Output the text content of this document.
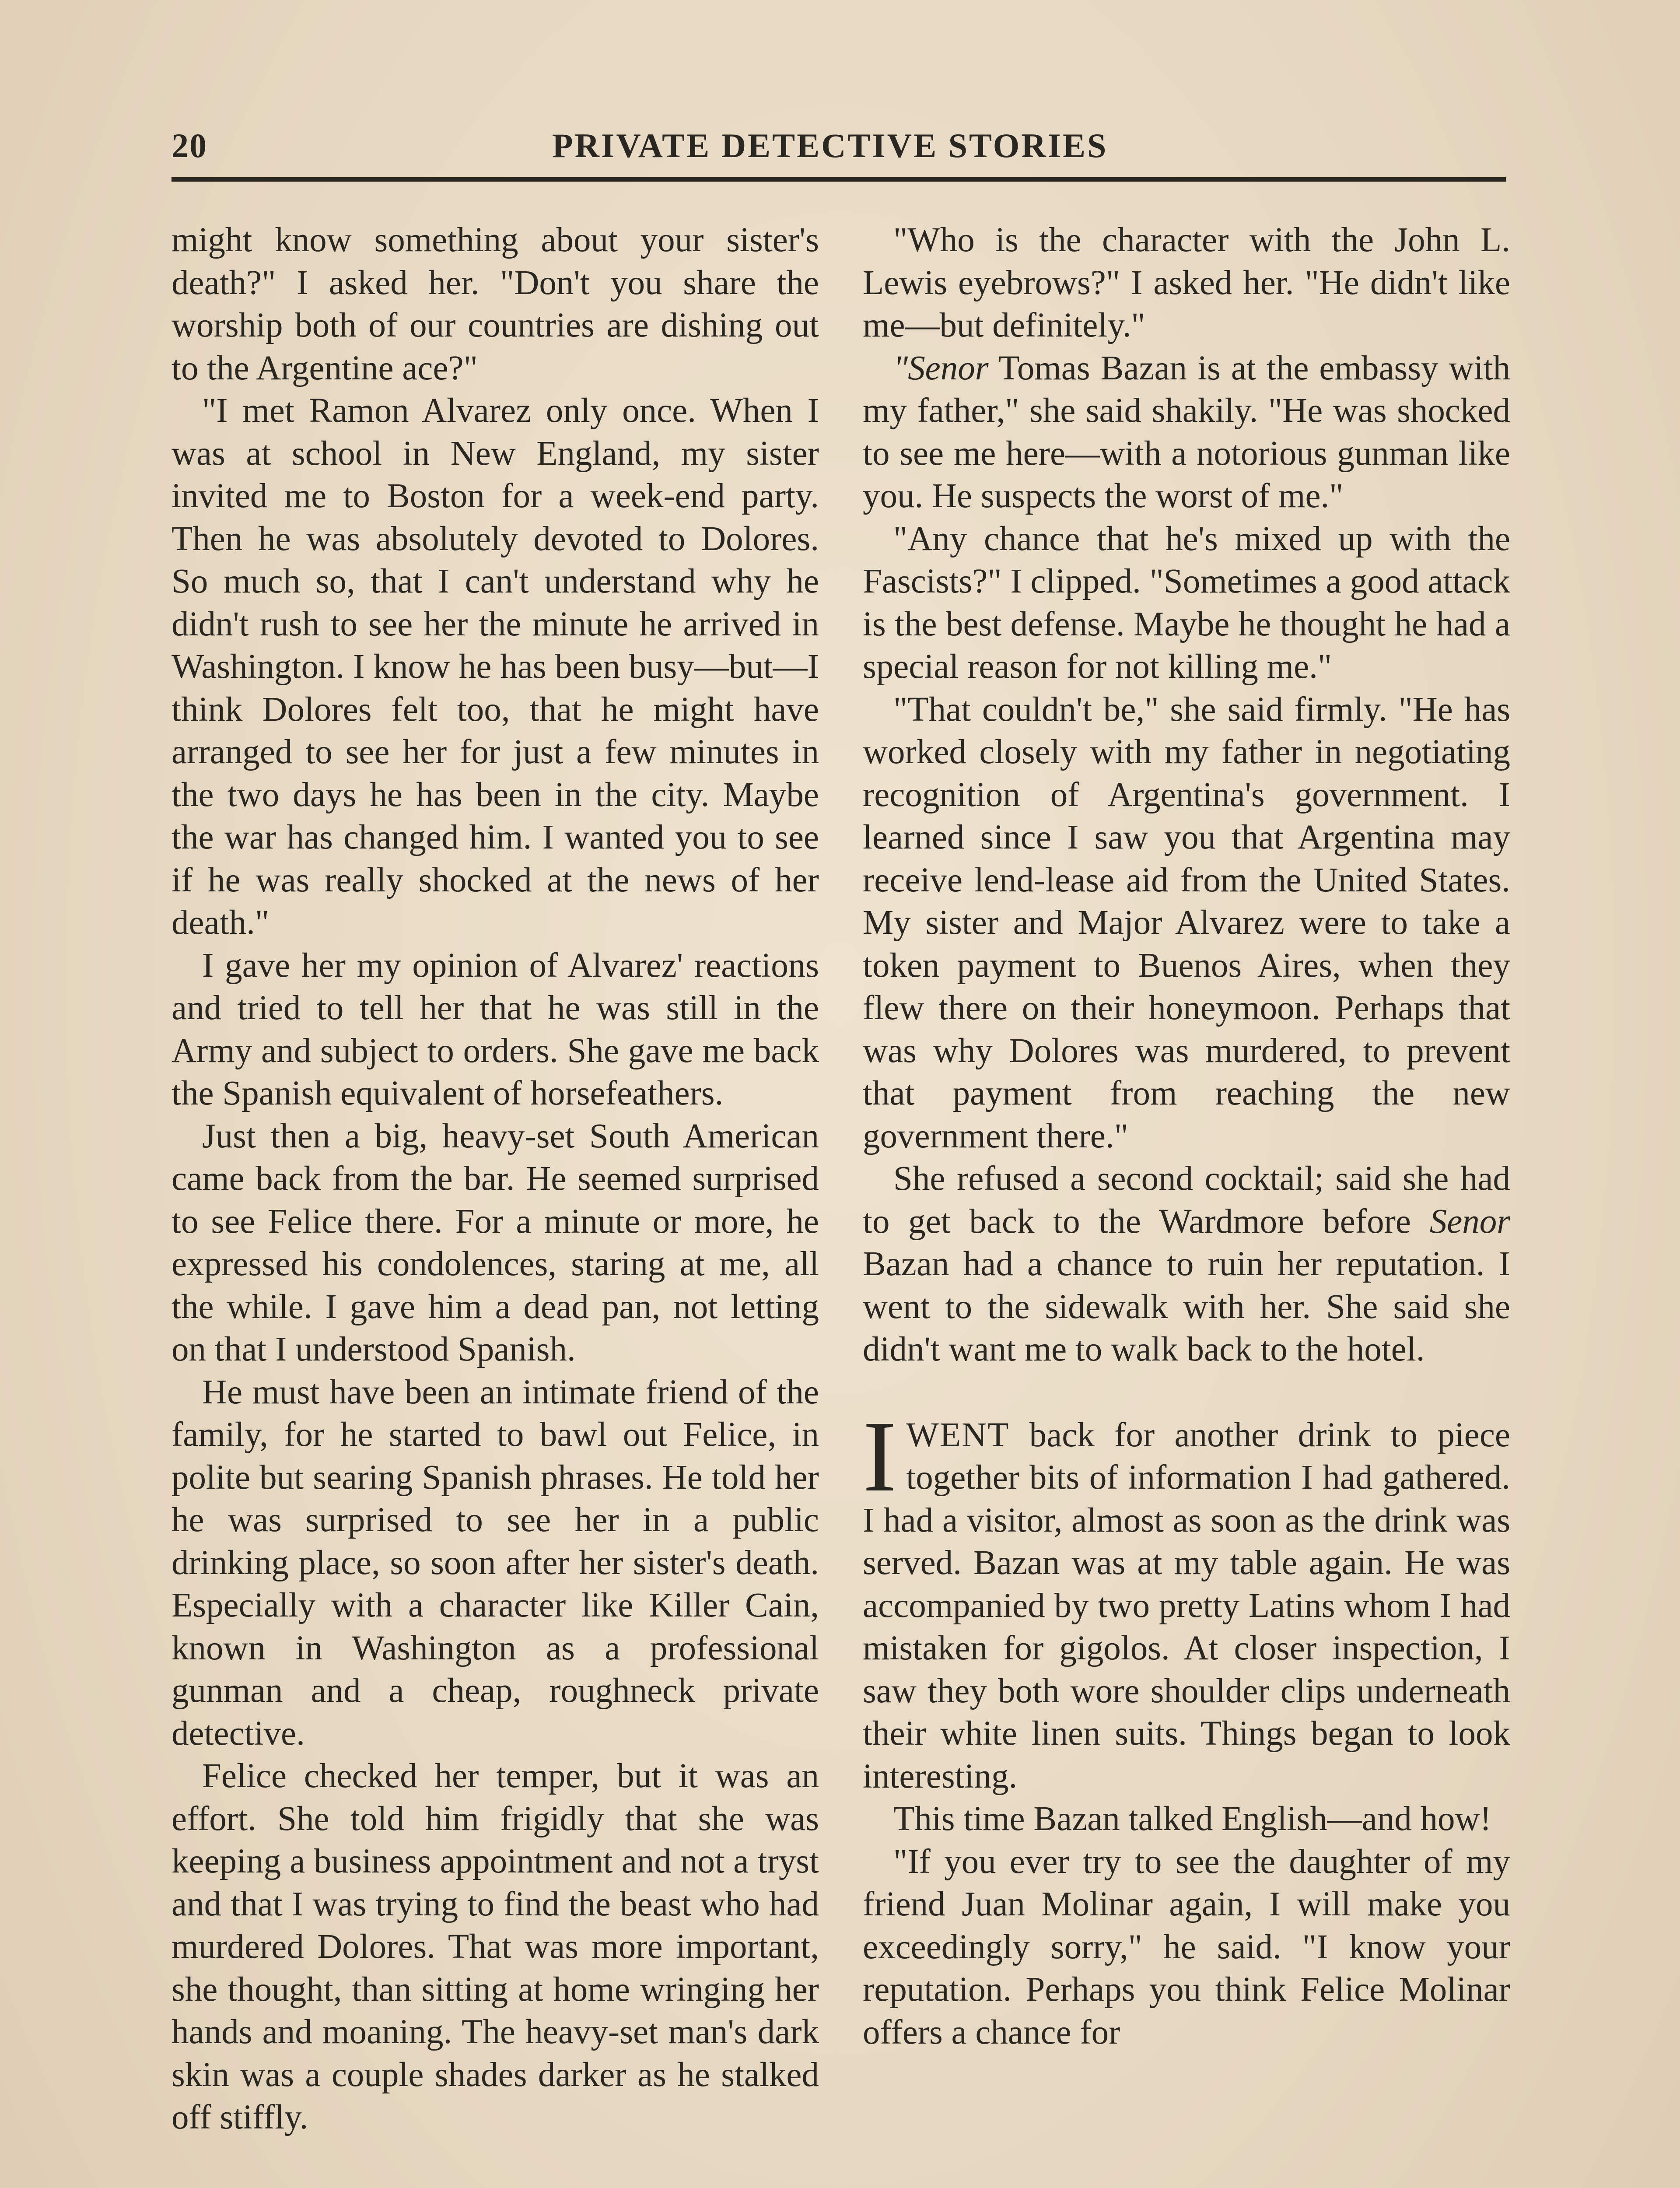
20	PRIVATE DETECTIVE STORIES

might know something about your sister's death?" I asked her. "Don't you share the worship both of our countries are dishing out to the Argentine ace?"

"I met Ramon Alvarez only once. When I was at school in New England, my sister invited me to Boston for a week-end party. Then he was absolutely devoted to Dolores. So much so, that I can't understand why he didn't rush to see her the minute he arrived in Washington. I know he has been busy—but—I think Dolores felt too, that he might have arranged to see her for just a few minutes in the two days he has been in the city. Maybe the war has changed him. I wanted you to see if he was really shocked at the news of her death."

I gave her my opinion of Alvarez' reactions and tried to tell her that he was still in the Army and subject to orders. She gave me back the Spanish equivalent of horsefeathers.

Just then a big, heavy-set South American came back from the bar. He seemed surprised to see Felice there. For a minute or more, he expressed his condolences, staring at me, all the while. I gave him a dead pan, not letting on that I understood Spanish.

He must have been an intimate friend of the family, for he started to bawl out Felice, in polite but searing Spanish phrases. He told her he was surprised to see her in a public drinking place, so soon after her sister's death. Especially with a character like Killer Cain, known in Washington as a professional gunman and a cheap, roughneck private detective.

Felice checked her temper, but it was an effort. She told him frigidly that she was keeping a business appointment and not a tryst and that I was trying to find the beast who had murdered Dolores. That was more important, she thought, than sitting at home wringing her hands and moaning. The heavy-set man's dark skin was a couple shades darker as he stalked off stiffly.

"Who is the character with the John L. Lewis eyebrows?" I asked her. "He didn't like me—but definitely."

"Senor Tomas Bazan is at the embassy with my father," she said shakily. "He was shocked to see me here—with a notorious gunman like you. He suspects the worst of me."

"Any chance that he's mixed up with the Fascists?" I clipped. "Sometimes a good attack is the best defense. Maybe he thought he had a special reason for not killing me."

"That couldn't be," she said firmly. "He has worked closely with my father in negotiating recognition of Argentina's government. I learned since I saw you that Argentina may receive lend-lease aid from the United States. My sister and Major Alvarez were to take a token payment to Buenos Aires, when they flew there on their honeymoon. Perhaps that was why Dolores was murdered, to prevent that payment from reaching the new government there."

She refused a second cocktail; said she had to get back to the Wardmore before Senor Bazan had a chance to ruin her reputation. I went to the sidewalk with her. She said she didn't want me to walk back to the hotel.

I WENT back for another drink to piece together bits of information I had gathered. I had a visitor, almost as soon as the drink was served. Bazan was at my table again. He was accompanied by two pretty Latins whom I had mistaken for gigolos. At closer inspection, I saw they both wore shoulder clips underneath their white linen suits. Things began to look interesting.

This time Bazan talked English—and how!

"If you ever try to see the daughter of my friend Juan Molinar again, I will make you exceedingly sorry," he said. "I know your reputation. Perhaps you think Felice Molinar offers a chance for
